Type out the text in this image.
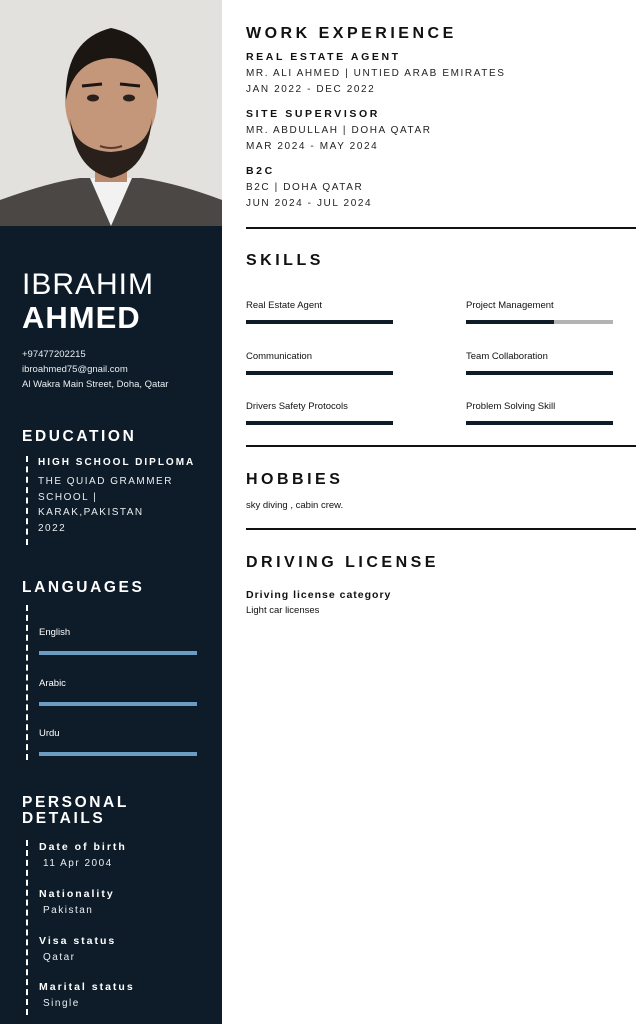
IBRAHIM
AHMED
+97477202215
ibroahmed75@gnail.com
Al Wakra Main Street, Doha, Qatar
EDUCATION
HIGH SCHOOL DIPLOMA
THE QUIAD GRAMMER
SCHOOL |
KARAK,PAKISTAN
2022
LANGUAGES
English
Arabic
Urdu
PERSONAL
DETAILS
Date of birth
11 Apr 2004
Nationality
Pakistan
Visa status
Qatar
Marital status
Single
WORK EXPERIENCE
REAL ESTATE AGENT
MR. ALI AHMED | UNTIED ARAB EMIRATES
JAN 2022 - DEC 2022
SITE SUPERVISOR
MR. ABDULLAH | DOHA QATAR
MAR 2024 - MAY 2024
B2C
B2C | DOHA QATAR
JUN 2024 - JUL 2024
SKILLS
Real Estate Agent	Project Management
Communication	Team Collaboration
Drivers Safety Protocols	Problem Solving Skill
HOBBIES
sky diving , cabin crew.
DRIVING LICENSE
Driving license category
Light car licenses
